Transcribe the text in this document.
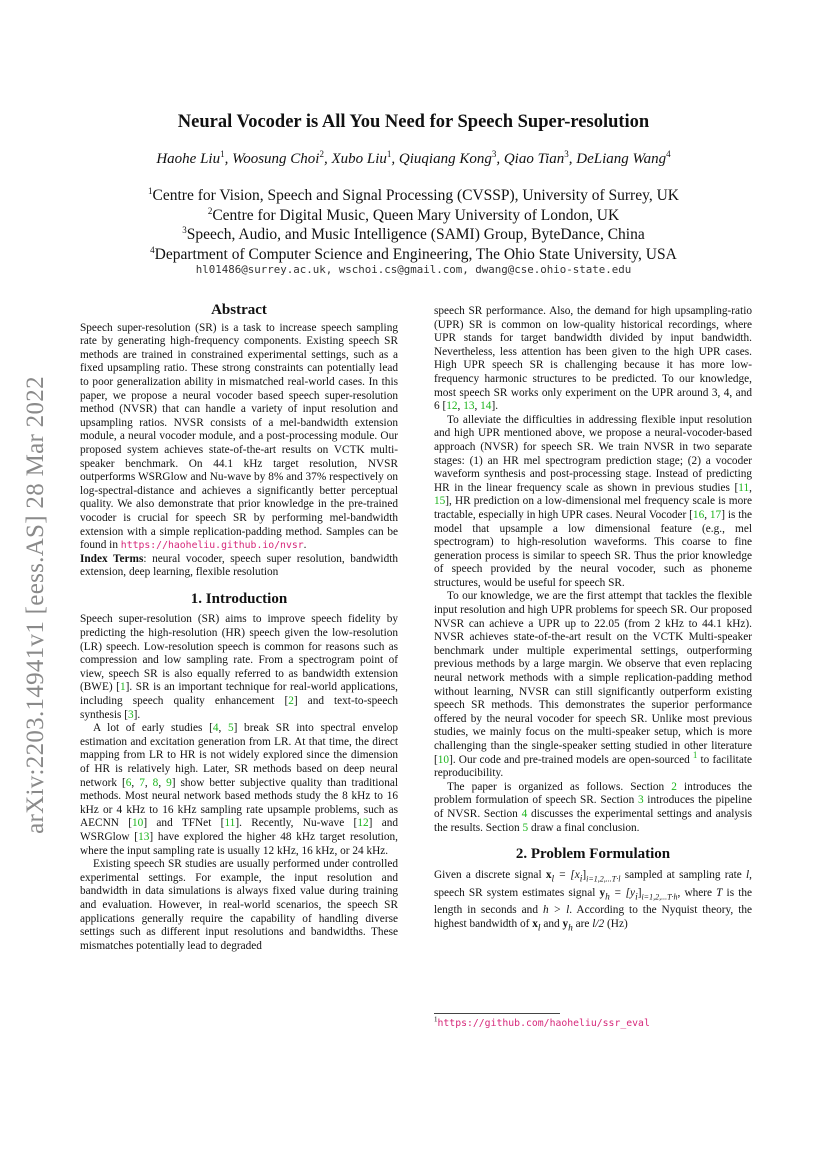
arXiv:2203.14941v1 [eess.AS] 28 Mar 2022
Neural Vocoder is All You Need for Speech Super-resolution
Haohe Liu$^1$, Woosung Choi$^2$, Xubo Liu$^1$, Qiuqiang Kong$^3$, Qiao Tian$^3$, DeLiang Wang$^4$
$^1$Centre for Vision, Speech and Signal Processing (CVSSP), University of Surrey, UK
$^2$Centre for Digital Music, Queen Mary University of London, UK
$^3$Speech, Audio, and Music Intelligence (SAMI) Group, ByteDance, China
$^4$Department of Computer Science and Engineering, The Ohio State University, USA
hl01486@surrey.ac.uk, wschoi.cs@gmail.com, dwang@cse.ohio-state.edu
Abstract

Speech super-resolution (SR) is a task to increase speech sampling rate by generating high-frequency components. Existing speech SR methods are trained in constrained experimental settings, such as a fixed upsampling ratio. These strong constraints can potentially lead to poor generalization ability in mismatched real-world cases. In this paper, we propose a neural vocoder based speech super-resolution method (NVSR) that can handle a variety of input resolution and upsampling ratios. NVSR consists of a mel-bandwidth extension module, a neural vocoder module, and a post-processing module. Our proposed system achieves state-of-the-art results on VCTK multi-speaker benchmark. On 44.1 kHz target resolution, NVSR outperforms WSRGlow and Nu-wave by 8% and 37% respectively on log-spectral-distance and achieves a significantly better perceptual quality. We also demonstrate that prior knowledge in the pre-trained vocoder is crucial for speech SR by performing mel-bandwidth extension with a simple replication-padding method. Samples can be found in https://haoheliu.github.io/nvsr.

Index Terms: neural vocoder, speech super resolution, bandwidth extension, deep learning, flexible resolution

1. Introduction

Speech super-resolution (SR) aims to improve speech fidelity by predicting the high-resolution (HR) speech given the low-resolution (LR) speech. Low-resolution speech is common for reasons such as compression and low sampling rate. From a spectrogram point of view, speech SR is also equally referred to as bandwidth extension (BWE) [1]. SR is an important technique for real-world applications, including speech quality enhancement [2] and text-to-speech synthesis [3].

A lot of early studies [4, 5] break SR into spectral envelop estimation and excitation generation from LR. At that time, the direct mapping from LR to HR is not widely explored since the dimension of HR is relatively high. Later, SR methods based on deep neural network [6, 7, 8, 9] show better subjective quality than traditional methods. Most neural network based methods study the 8 kHz to 16 kHz or 4 kHz to 16 kHz sampling rate upsample problems, such as AECNN [10] and TFNet [11]. Recently, Nu-wave [12] and WSRGlow [13] have explored the higher 48 kHz target resolution, where the input sampling rate is usually 12 kHz, 16 kHz, or 24 kHz.

Existing speech SR studies are usually performed under controlled experimental settings. For example, the input resolution and bandwidth in data simulations is always fixed value during training and evaluation. However, in real-world scenarios, the speech SR applications generally require the capability of handling diverse settings such as different input resolutions and bandwidths. These mismatches potentially lead to degraded

speech SR performance. Also, the demand for high upsampling-ratio (UPR) SR is common on low-quality historical recordings, where UPR stands for target bandwidth divided by input bandwidth. Nevertheless, less attention has been given to the high UPR cases. High UPR speech SR is challenging because it has more low-frequency harmonic structures to be predicted. To our knowledge, most speech SR works only experiment on the UPR around 3, 4, and 6 [12, 13, 14].

To alleviate the difficulties in addressing flexible input resolution and high UPR mentioned above, we propose a neural-vocoder-based approach (NVSR) for speech SR. We train NVSR in two separate stages: (1) an HR mel spectrogram prediction stage; (2) a vocoder waveform synthesis and post-processing stage. Instead of predicting HR in the linear frequency scale as shown in previous studies [11, 15], HR prediction on a low-dimensional mel frequency scale is more tractable, especially in high UPR cases. Neural Vocoder [16, 17] is the model that upsample a low dimensional feature (e.g., mel spectrogram) to high-resolution waveforms. This coarse to fine generation process is similar to speech SR. Thus the prior knowledge of speech provided by the neural vocoder, such as phoneme structures, would be useful for speech SR.

To our knowledge, we are the first attempt that tackles the flexible input resolution and high UPR problems for speech SR. Our proposed NVSR can achieve a UPR up to 22.05 (from 2 kHz to 44.1 kHz). NVSR achieves state-of-the-art result on the VCTK Multi-speaker benchmark under multiple experimental settings, outperforming previous methods by a large margin. We observe that even replacing neural network methods with a simple replication-padding method without learning, NVSR can still significantly outperform existing speech SR methods. This demonstrates the superior performance offered by the neural vocoder for speech SR. Unlike most previous studies, we mainly focus on the multi-speaker setup, which is more challenging than the single-speaker setting studied in other literature [10]. Our code and pre-trained models are open-sourced $^1$ to facilitate reproducibility.

The paper is organized as follows. Section 2 introduces the problem formulation of speech SR. Section 3 introduces the pipeline of NVSR. Section 4 discusses the experimental settings and analysis the results. Section 5 draw a final conclusion.

2. Problem Formulation

Given a discrete signal $x_l = [x_i]_{i=1,2,...T\cdot l}$ sampled at sampling rate l, speech SR system estimates signal $y_h = [y_i]_{i=1,2,...T\cdot h}$, where T is the length in seconds and h > l. According to the Nyquist theory, the highest bandwidth of $x_l$ and $y_h$ are l/2 (Hz)

$^1$https://github.com/haoheliu/ssr_eval
